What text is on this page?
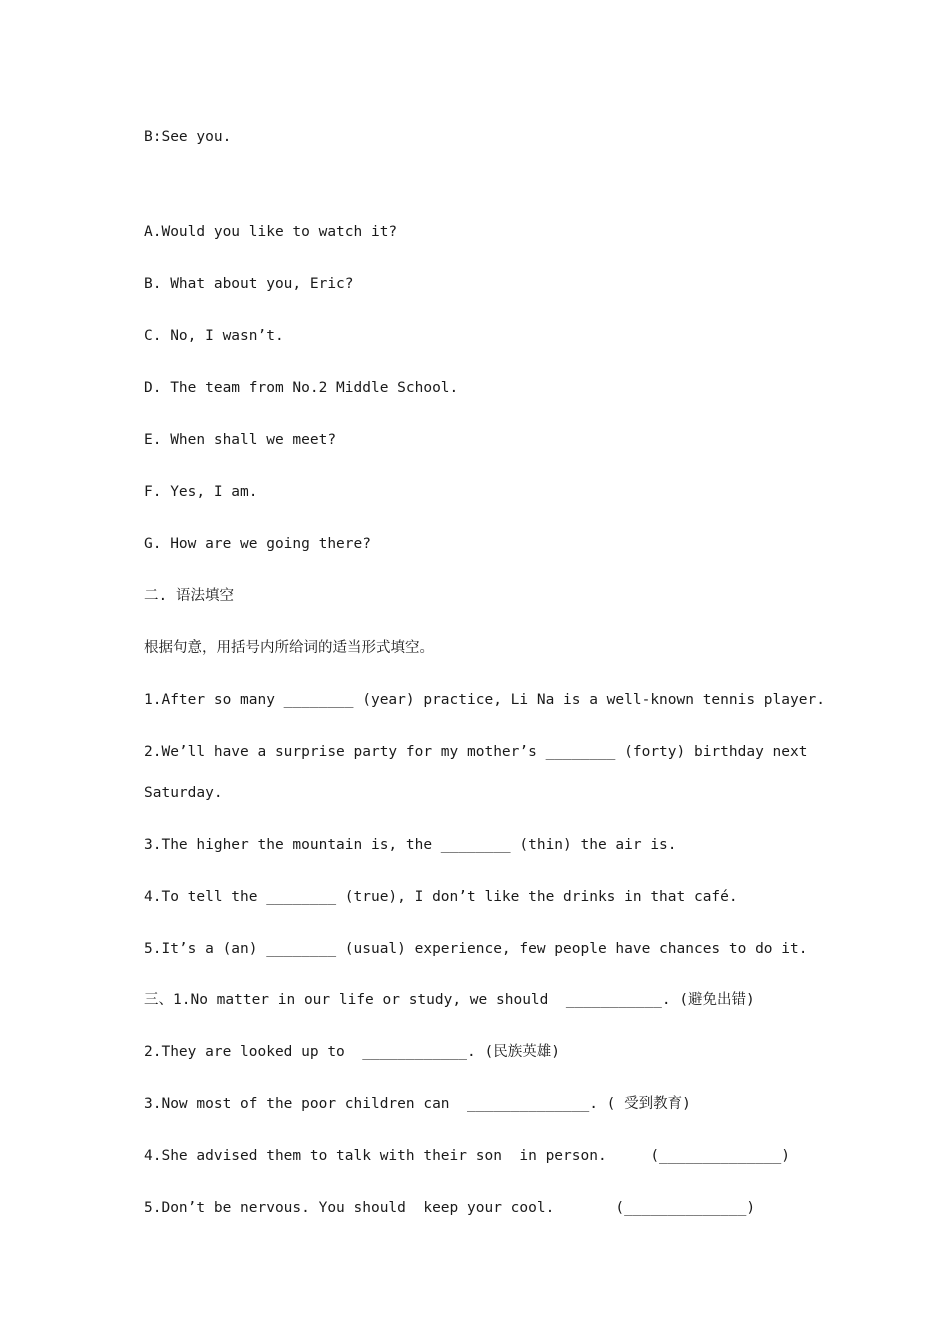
B:See you.
A.Would you like to watch it?
B. What about you, Eric?
C. No, I wasn’t.
D. The team from No.2 Middle School.
E. When shall we meet?
F. Yes, I am.
G. How are we going there?
二. 语法填空
根据句意，用括号内所给词的适当形式填空。
1.After so many ________ (year) practice, Li Na is a well-known tennis player.
2.We’ll have a surprise party for my mother’s ________ (forty) birthday next
Saturday.
3.The higher the mountain is, the ________ (thin) the air is.
4.To tell the ________ (true), I don’t like the drinks in that café.
5.It’s a (an) ________ (usual) experience, few people have chances to do it.
三、1.No matter in our life or study, we should  ___________. (避免出错)
2.They are looked up to  ____________. (民族英雄)
3.Now most of the poor children can  ______________. ( 受到教育)
4.She advised them to talk with their son  in person.     (______________)
5.Don’t be nervous. You should  keep your cool.       (______________)
